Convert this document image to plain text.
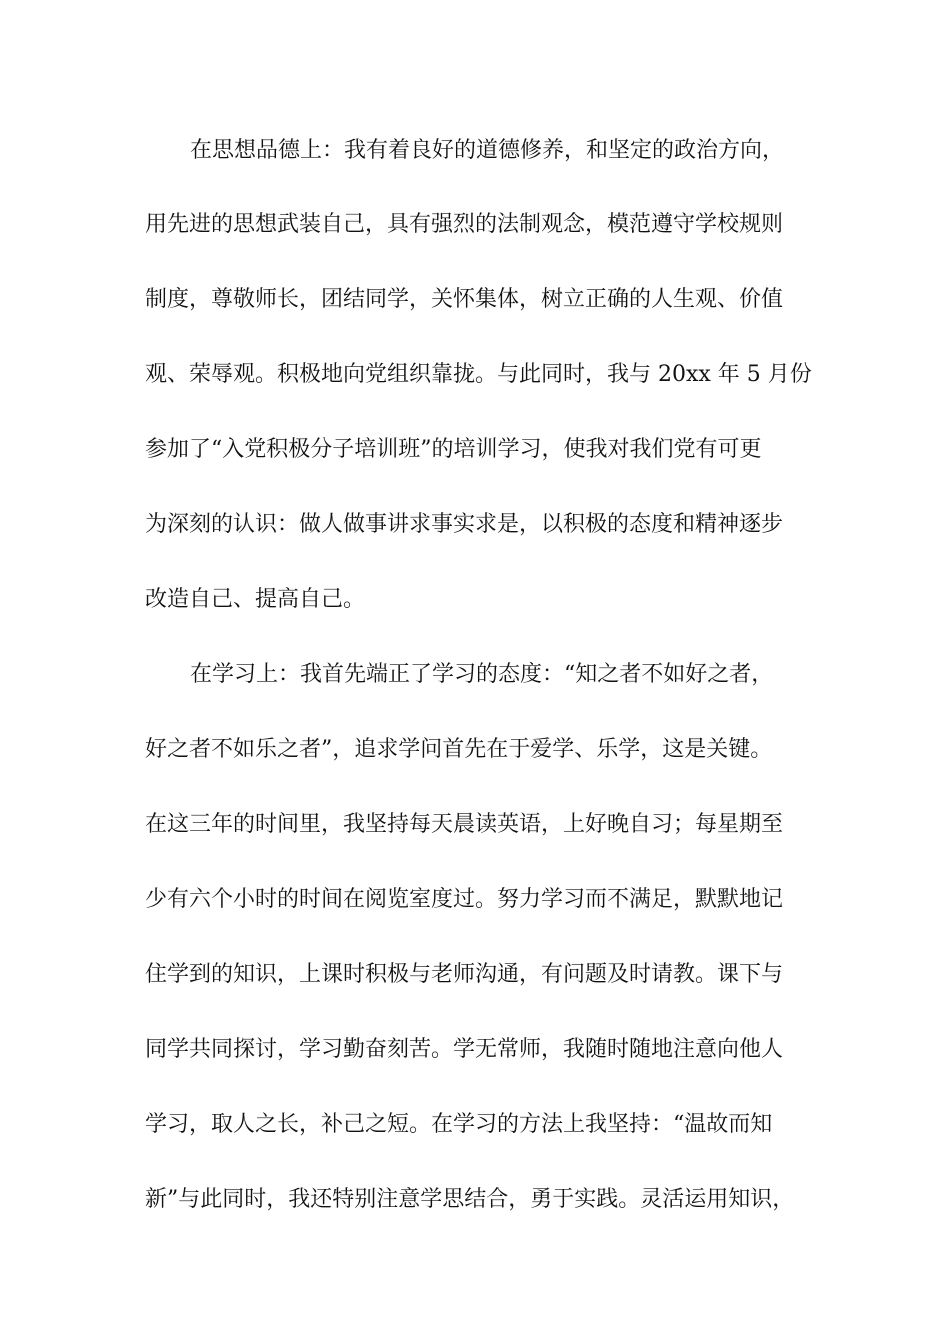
在思想品德上：我有着良好的道德修养，和坚定的政治方向，
用先进的思想武装自己，具有强烈的法制观念，模范遵守学校规则
制度，尊敬师长，团结同学，关怀集体，树立正确的人生观、价值
观、荣辱观。积极地向党组织靠拢。与此同时，我与 20xx 年 5 月份
参加了“入党积极分子培训班”的培训学习，使我对我们党有可更
为深刻的认识：做人做事讲求事实求是，以积极的态度和精神逐步
改造自己、提高自己。
在学习上：我首先端正了学习的态度：“知之者不如好之者，
好之者不如乐之者”，追求学问首先在于爱学、乐学，这是关键。
在这三年的时间里，我坚持每天晨读英语，上好晚自习；每星期至
少有六个小时的时间在阅览室度过。努力学习而不满足，默默地记
住学到的知识，上课时积极与老师沟通，有问题及时请教。课下与
同学共同探讨，学习勤奋刻苦。学无常师，我随时随地注意向他人
学习，取人之长，补己之短。在学习的方法上我坚持：“温故而知
新”与此同时，我还特别注意学思结合，勇于实践。灵活运用知识，
